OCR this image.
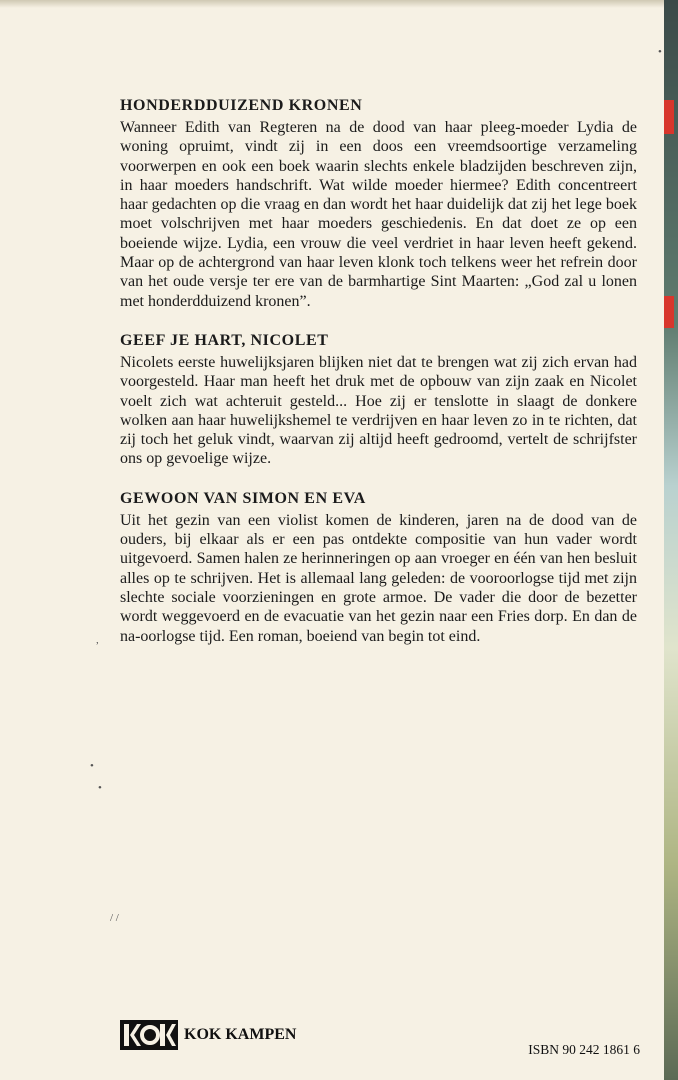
HONDERDDUIZEND KRONEN

Wanneer Edith van Regteren na de dood van haar pleeg-moeder Lydia de woning opruimt, vindt zij in een doos een vreemdsoortige verzameling voorwerpen en ook een boek waarin slechts enkele bladzijden beschreven zijn, in haar moeders handschrift. Wat wilde moeder hiermee? Edith concentreert haar gedachten op die vraag en dan wordt het haar duidelijk dat zij het lege boek moet volschrijven met haar moeders geschiedenis. En dat doet ze op een boeiende wijze. Lydia, een vrouw die veel verdriet in haar leven heeft gekend. Maar op de achtergrond van haar leven klonk toch telkens weer het refrein door van het oude versje ter ere van de barmhartige Sint Maarten: „God zal u lonen met honderdduizend kronen”.

GEEF JE HART, NICOLET

Nicolets eerste huwelijksjaren blijken niet dat te brengen wat zij zich ervan had voorgesteld. Haar man heeft het druk met de opbouw van zijn zaak en Nicolet voelt zich wat achteruit gesteld... Hoe zij er tenslotte in slaagt de donkere wolken aan haar huwelijkshemel te verdrijven en haar leven zo in te richten, dat zij toch het geluk vindt, waarvan zij altijd heeft gedroomd, vertelt de schrijfster ons op gevoelige wijze.

GEWOON VAN SIMON EN EVA

Uit het gezin van een violist komen de kinderen, jaren na de dood van de ouders, bij elkaar als er een pas ontdekte compositie van hun vader wordt uitgevoerd. Samen halen ze herinneringen op aan vroeger en één van hen besluit alles op te schrijven. Het is allemaal lang geleden: de vooroorlogse tijd met zijn slechte sociale voorzieningen en grote armoe. De vader die door de bezetter wordt weggevoerd en de evacuatie van het gezin naar een Fries dorp. En dan de na-oorlogse tijd. Een roman, boeiend van begin tot eind.

•
,
•
•
/ /
KOK KAMPEN
ISBN 90 242 1861 6
